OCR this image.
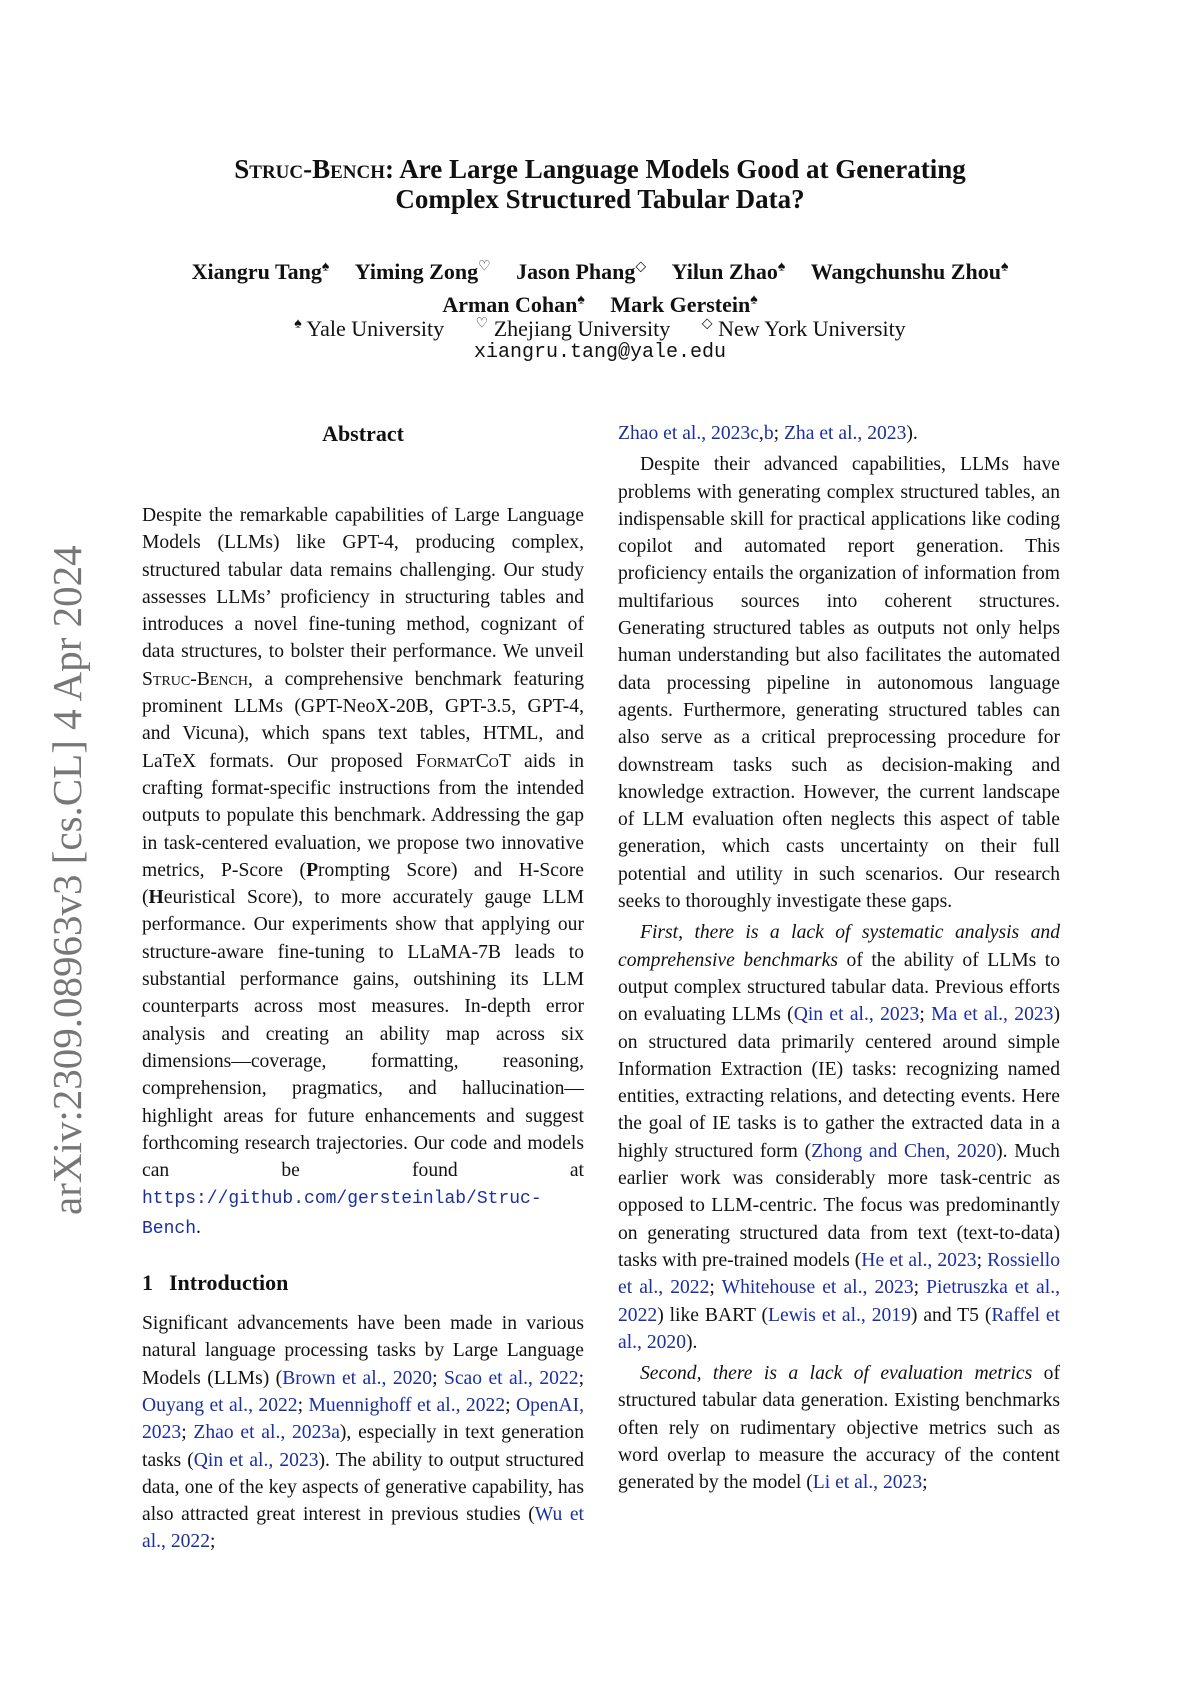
arXiv:2309.08963v3 [cs.CL] 4 Apr 2024
Struc-Bench: Are Large Language Models Good at Generating
Complex Structured Tabular Data?
Xiangru Tang♠ Yiming Zong♡ Jason Phang◇ Yilun Zhao♠ Wangchunshu Zhou♠
Arman Cohan♠ Mark Gerstein♠
♠ Yale University ♡ Zhejiang University ◇ New York University
xiangru.tang@yale.edu
Abstract

Despite the remarkable capabilities of Large Language Models (LLMs) like GPT-4, producing complex, structured tabular data remains challenging. Our study assesses LLMs’ proficiency in structuring tables and introduces a novel fine-tuning method, cognizant of data structures, to bolster their performance. We unveil Struc-Bench, a comprehensive benchmark featuring prominent LLMs (GPT-NeoX-20B, GPT-3.5, GPT-4, and Vicuna), which spans text tables, HTML, and LaTeX formats. Our proposed FormatCoT aids in crafting format-specific instructions from the intended outputs to populate this benchmark. Addressing the gap in task-centered evaluation, we propose two innovative metrics, P-Score (Prompting Score) and H-Score (Heuristical Score), to more accurately gauge LLM performance. Our experiments show that applying our structure-aware fine-tuning to LLaMA-7B leads to substantial performance gains, outshining its LLM counterparts across most measures. In-depth error analysis and creating an ability map across six dimensions—coverage, formatting, reasoning, comprehension, pragmatics, and hallucination—highlight areas for future enhancements and suggest forthcoming research trajectories. Our code and models can be found at https://github.com/gersteinlab/Struc-Bench.

1 Introduction

Significant advancements have been made in various natural language processing tasks by Large Language Models (LLMs) (Brown et al., 2020; Scao et al., 2022; Ouyang et al., 2022; Muennighoff et al., 2022; OpenAI, 2023; Zhao et al., 2023a), especially in text generation tasks (Qin et al., 2023). The ability to output structured data, one of the key aspects of generative capability, has also attracted great interest in previous studies (Wu et al., 2022;

Zhao et al., 2023c,b; Zha et al., 2023).

Despite their advanced capabilities, LLMs have problems with generating complex structured tables, an indispensable skill for practical applications like coding copilot and automated report generation. This proficiency entails the organization of information from multifarious sources into coherent structures. Generating structured tables as outputs not only helps human understanding but also facilitates the automated data processing pipeline in autonomous language agents. Furthermore, generating structured tables can also serve as a critical preprocessing procedure for downstream tasks such as decision-making and knowledge extraction. However, the current landscape of LLM evaluation often neglects this aspect of table generation, which casts uncertainty on their full potential and utility in such scenarios. Our research seeks to thoroughly investigate these gaps.

First, there is a lack of systematic analysis and comprehensive benchmarks of the ability of LLMs to output complex structured tabular data. Previous efforts on evaluating LLMs (Qin et al., 2023; Ma et al., 2023) on structured data primarily centered around simple Information Extraction (IE) tasks: recognizing named entities, extracting relations, and detecting events. Here the goal of IE tasks is to gather the extracted data in a highly structured form (Zhong and Chen, 2020). Much earlier work was considerably more task-centric as opposed to LLM-centric. The focus was predominantly on generating structured data from text (text-to-data) tasks with pre-trained models (He et al., 2023; Rossiello et al., 2022; Whitehouse et al., 2023; Pietruszka et al., 2022) like BART (Lewis et al., 2019) and T5 (Raffel et al., 2020).

Second, there is a lack of evaluation metrics of structured tabular data generation. Existing benchmarks often rely on rudimentary objective metrics such as word overlap to measure the accuracy of the content generated by the model (Li et al., 2023;
